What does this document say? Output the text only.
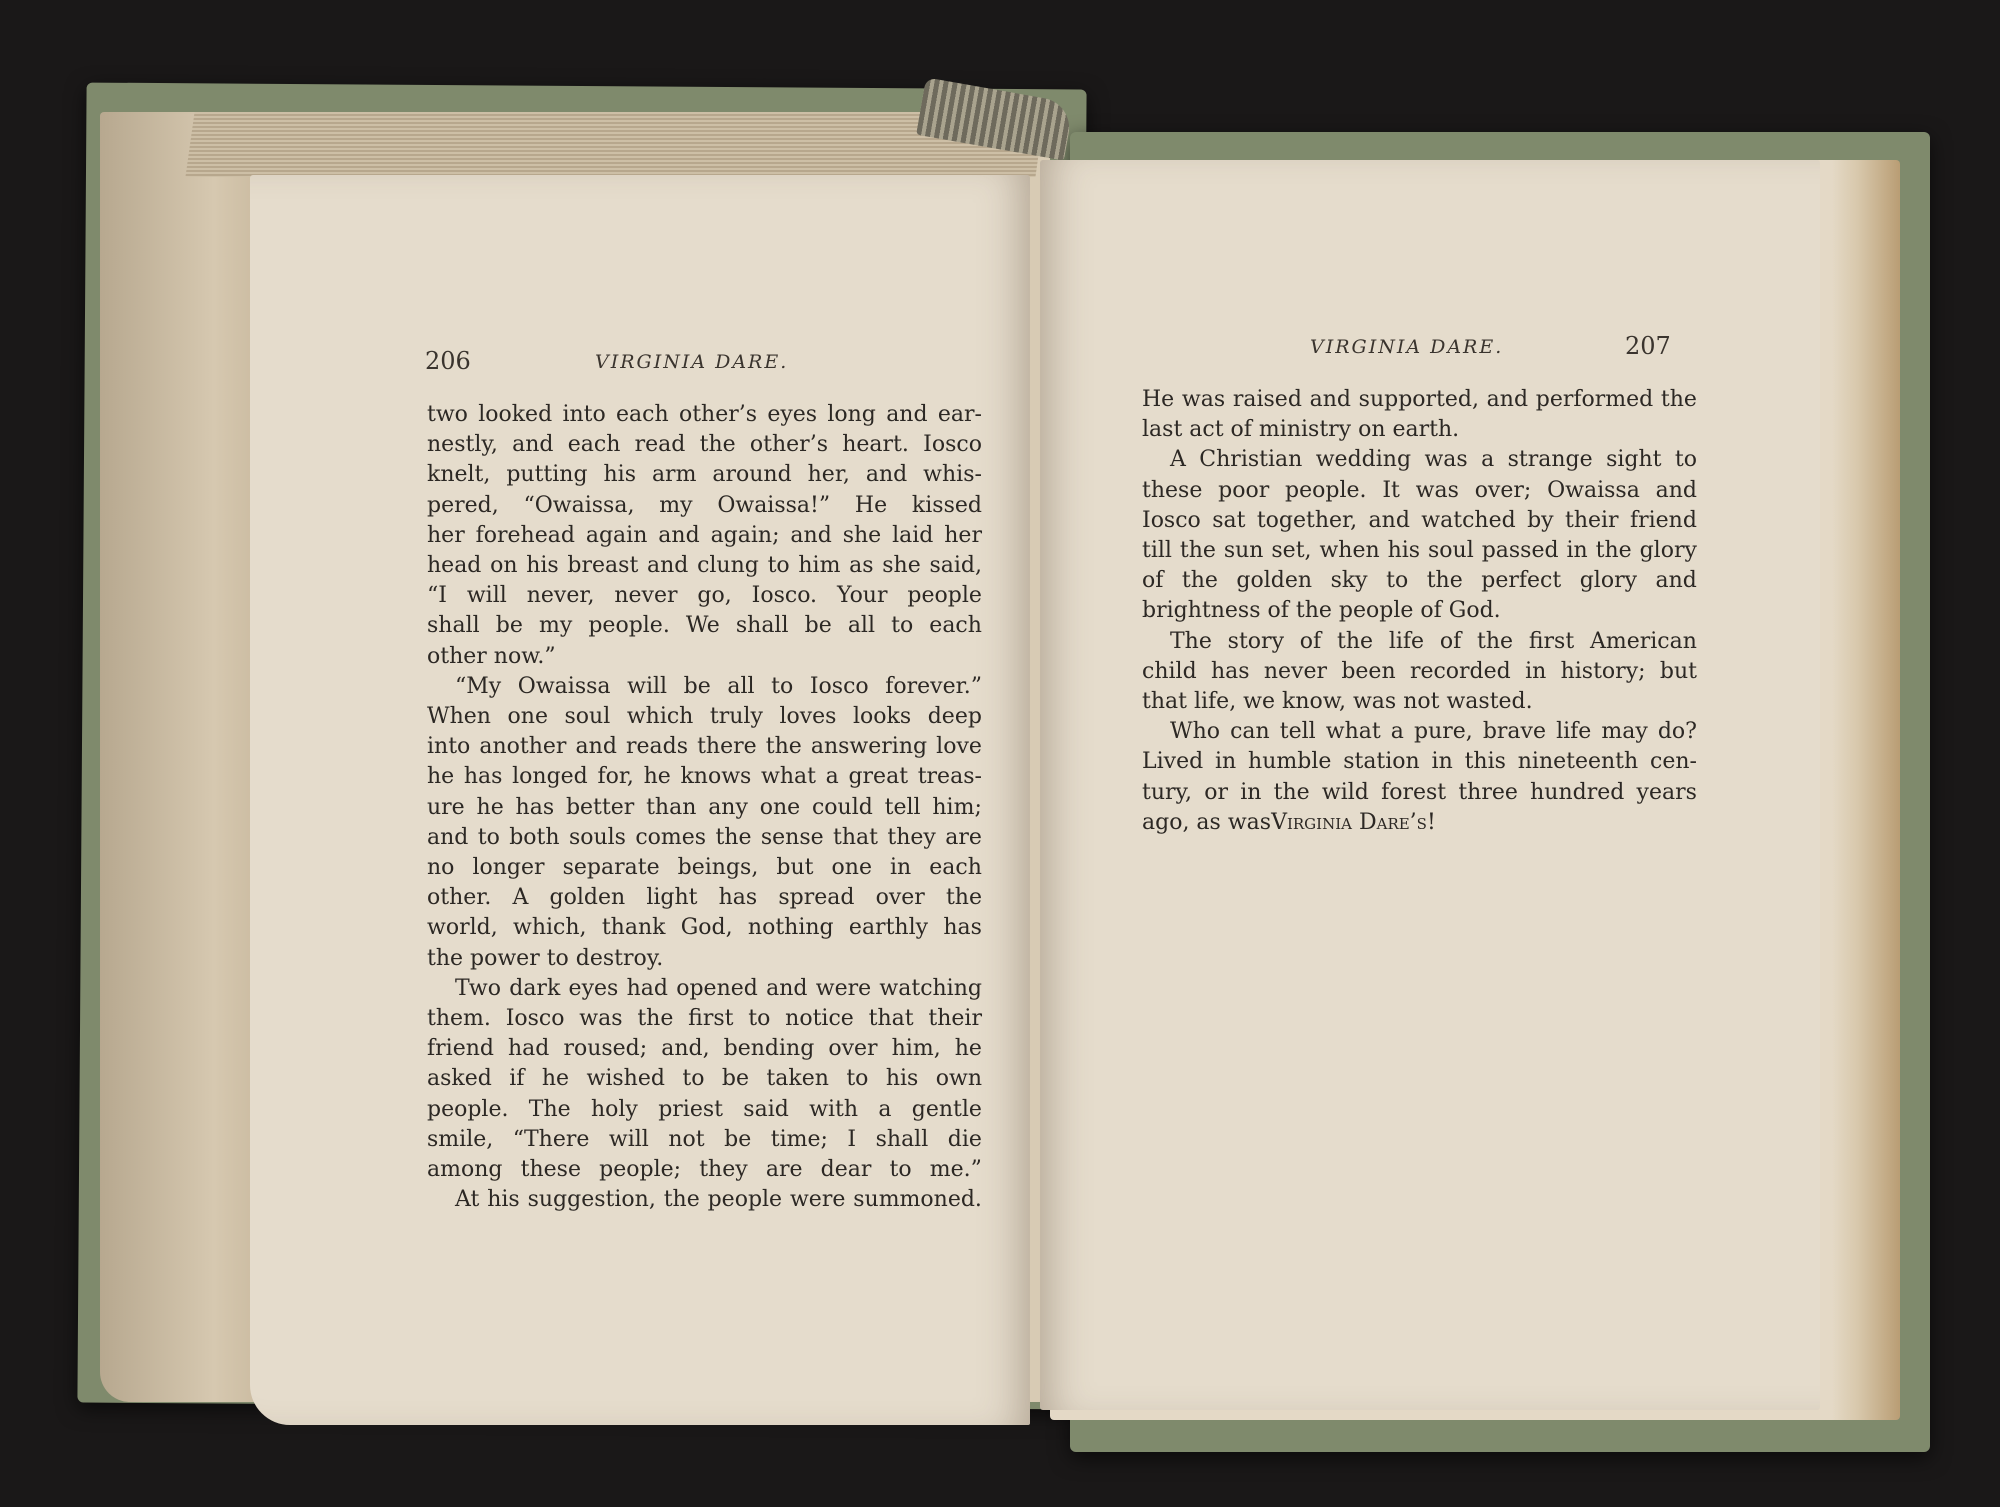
206	VIRGINIA DARE.
two looked into each other’s eyes long and ear-
nestly, and each read the other’s heart. Iosco
knelt, putting his arm around her, and whis-
pered, “Owaissa, my Owaissa!” He kissed
her forehead again and again; and she laid her
head on his breast and clung to him as she said,
“I will never, never go, Iosco. Your people
shall be my people. We shall be all to each
other now.”
“My Owaissa will be all to Iosco forever.”
When one soul which truly loves looks deep
into another and reads there the answering love
he has longed for, he knows what a great treas-
ure he has better than any one could tell him;
and to both souls comes the sense that they are
no longer separate beings, but one in each
other. A golden light has spread over the
world, which, thank God, nothing earthly has
the power to destroy.
Two dark eyes had opened and were watching
them. Iosco was the first to notice that their
friend had roused; and, bending over him, he
asked if he wished to be taken to his own
people. The holy priest said with a gentle
smile, “There will not be time; I shall die
among these people; they are dear to me.”
At his suggestion, the people were summoned.
VIRGINIA DARE.	207
He was raised and supported, and performed the
last act of ministry on earth.
A Christian wedding was a strange sight to
these poor people. It was over; Owaissa and
Iosco sat together, and watched by their friend
till the sun set, when his soul passed in the glory
of the golden sky to the perfect glory and
brightness of the people of God.
The story of the life of the first American
child has never been recorded in history; but
that life, we know, was not wasted.
Who can tell what a pure, brave life may do?
Lived in humble station in this nineteenth cen-
tury, or in the wild forest three hundred years
ago, as was Virginia Dare’s!
